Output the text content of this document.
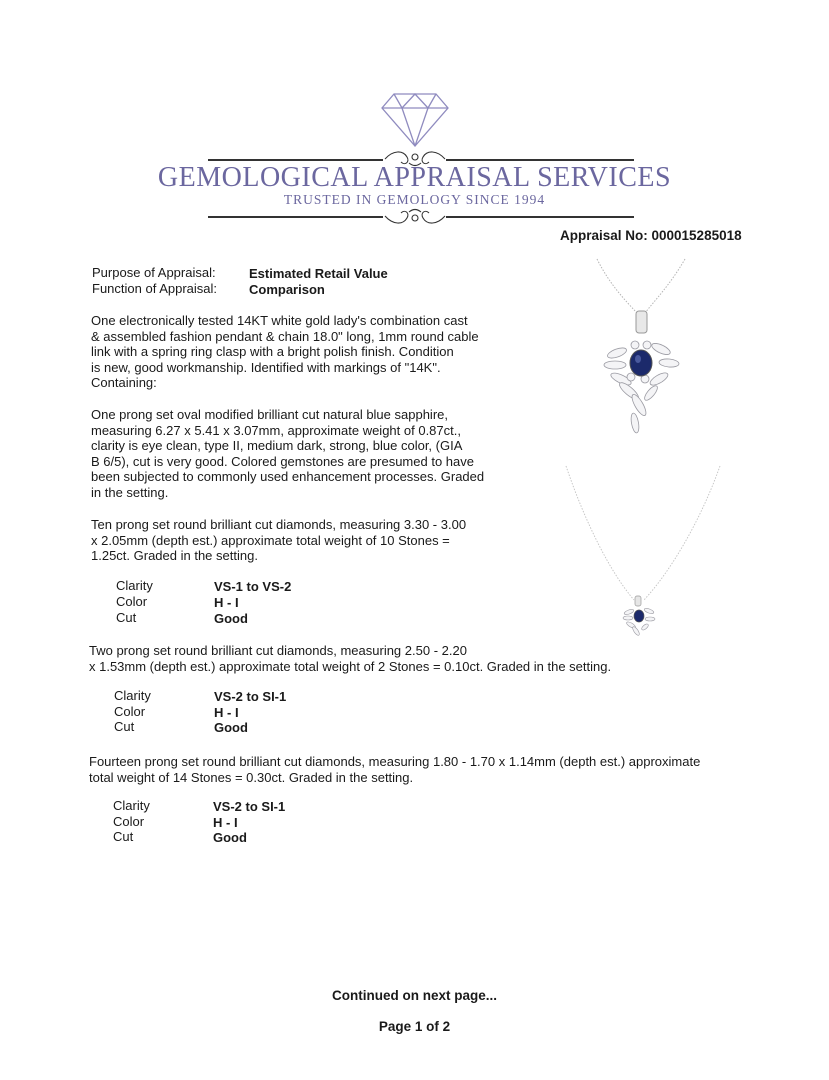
GEMOLOGICAL APPRAISAL SERVICES
TRUSTED IN GEMOLOGY SINCE 1994
Appraisal No: 000015285018
Purpose of Appraisal:	Estimated Retail Value
Function of Appraisal: Comparison
One electronically tested 14KT white gold lady's combination cast
& assembled fashion pendant & chain 18.0" long, 1mm round cable
link with a spring ring clasp with a bright polish finish. Condition
is new, good workmanship. Identified with markings of "14K".
Containing:
One prong set oval modified brilliant cut natural blue sapphire,
measuring 6.27 x 5.41 x 3.07mm, approximate weight of 0.87ct.,
clarity is eye clean, type II, medium dark, strong, blue color, (GIA
B 6/5), cut is very good. Colored gemstones are presumed to have
been subjected to commonly used enhancement processes. Graded
in the setting.
Ten prong set round brilliant cut diamonds, measuring 3.30 - 3.00
x 2.05mm (depth est.) approximate total weight of 10 Stones =
1.25ct. Graded in the setting.
Clarity	VS-1 to VS-2
Color	H - I
Cut	Good
Two prong set round brilliant cut diamonds, measuring 2.50 - 2.20
x 1.53mm (depth est.) approximate total weight of 2 Stones = 0.10ct. Graded in the setting.
Clarity	VS-2 to SI-1
Color	H - I
Cut	Good
Fourteen prong set round brilliant cut diamonds, measuring 1.80 - 1.70 x 1.14mm (depth est.) approximate
total weight of 14 Stones = 0.30ct. Graded in the setting.
Clarity	VS-2 to SI-1
Color	H - I
Cut	Good
Continued on next page...
Page 1 of 2
